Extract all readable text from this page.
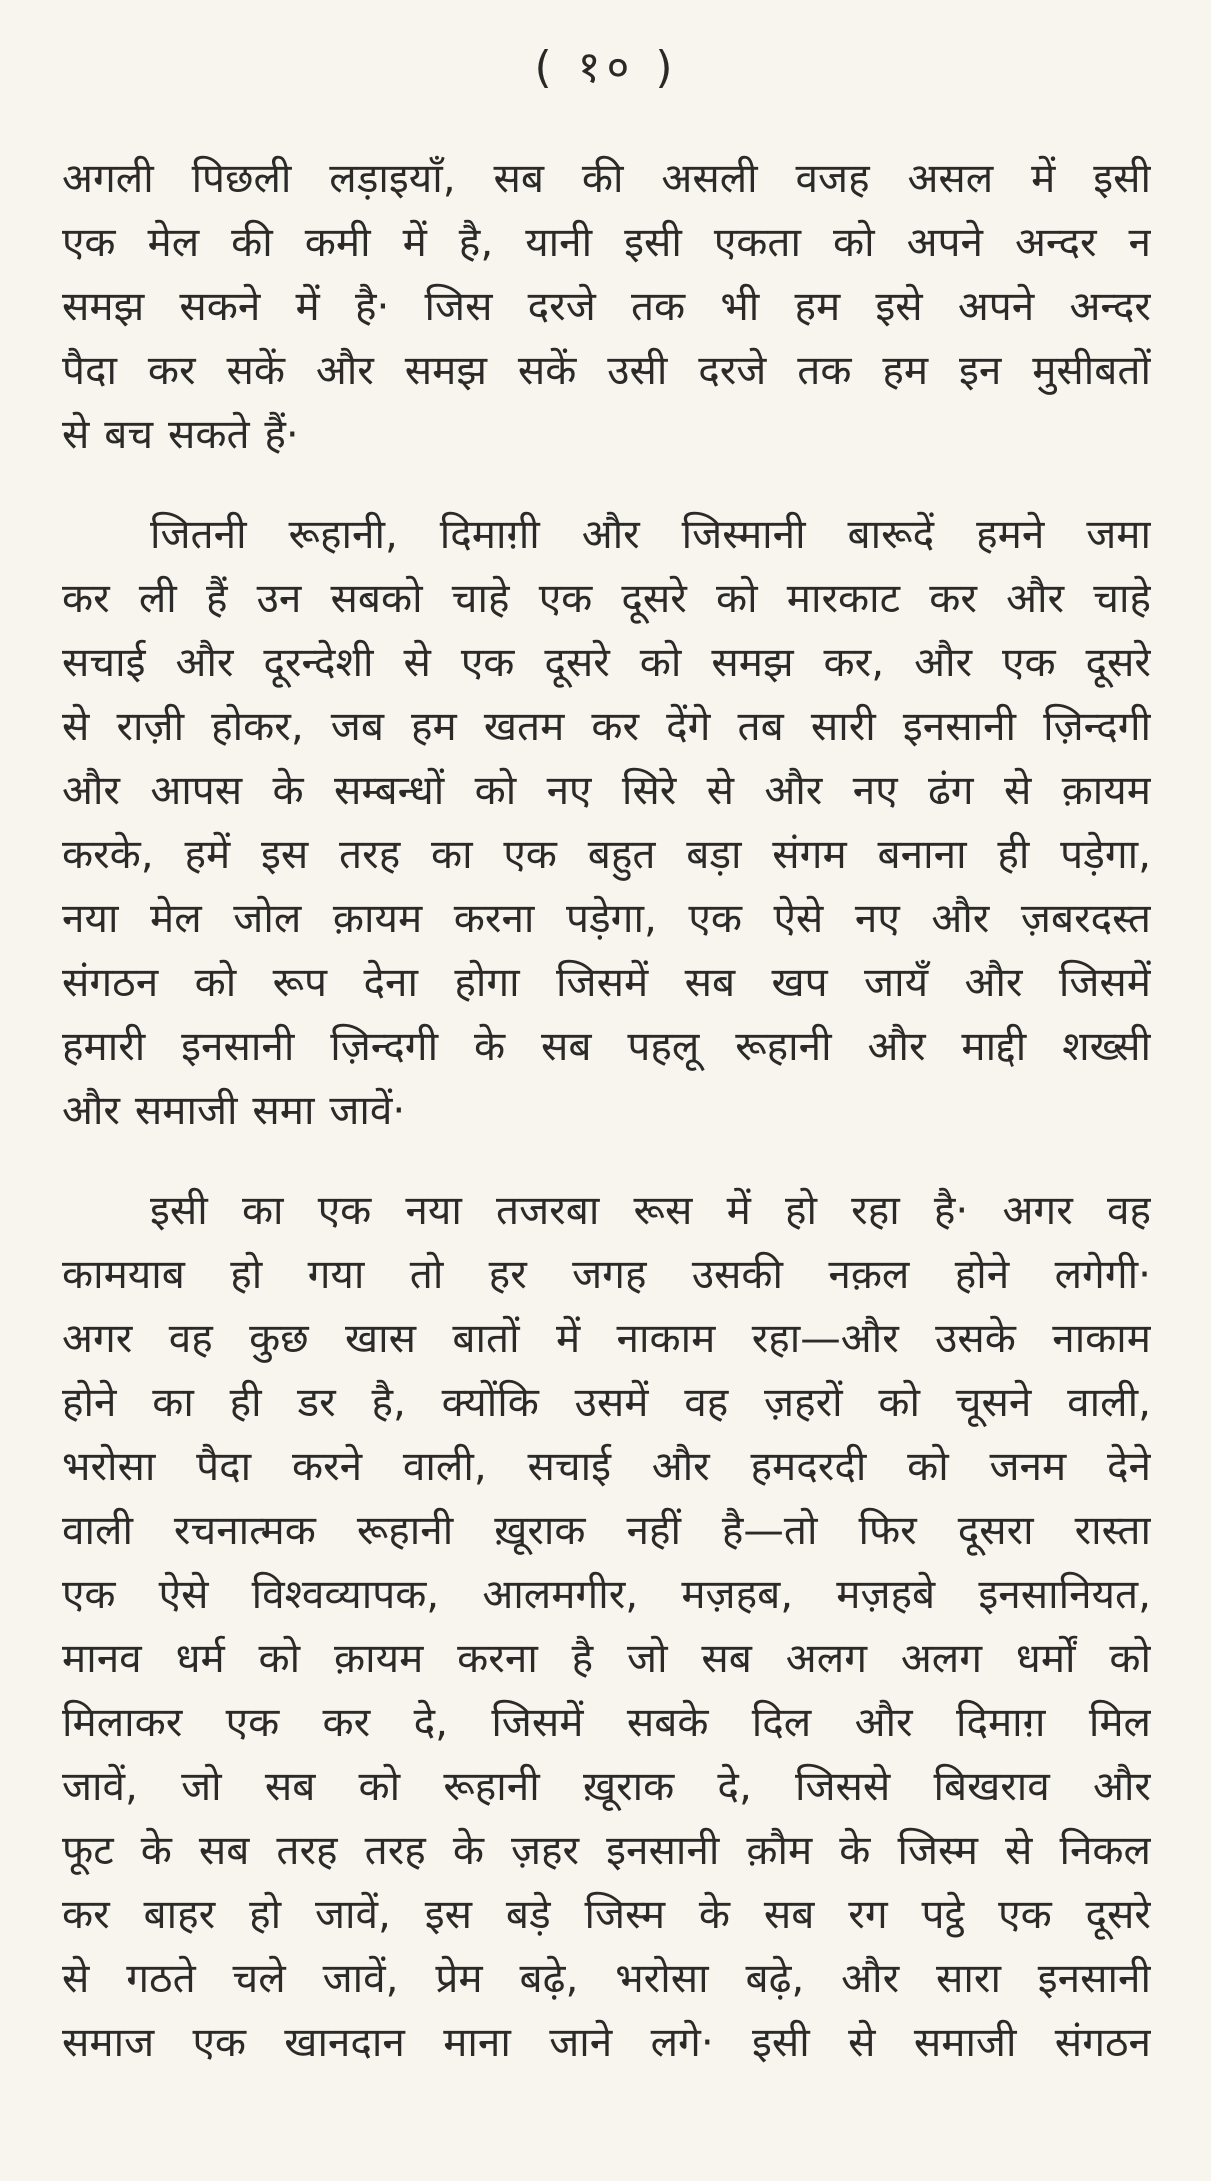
( १० )
अगली पिछली लड़ाइयाँ, सब की असली वजह असल में इसी
एक मेल की कमी में है, यानी इसी एकता को अपने अन्दर न
समझ सकने में है· जिस दरजे तक भी हम इसे अपने अन्दर
पैदा कर सकें और समझ सकें उसी दरजे तक हम इन मुसीबतों
से बच सकते हैं·
जितनी रूहानी, दिमाग़ी और जिस्मानी बारूदें हमने जमा
कर ली हैं उन सबको चाहे एक दूसरे को मारकाट कर और चाहे
सचाई और दूरन्देशी से एक दूसरे को समझ कर, और एक दूसरे
से राज़ी होकर, जब हम खतम कर देंगे तब सारी इनसानी ज़िन्दगी
और आपस के सम्बन्धों को नए सिरे से और नए ढंग से क़ायम
करके, हमें इस तरह का एक बहुत बड़ा संगम बनाना ही पड़ेगा,
नया मेल जोल क़ायम करना पड़ेगा, एक ऐसे नए और ज़बरदस्त
संगठन को रूप देना होगा जिसमें सब खप जायँ और जिसमें
हमारी इनसानी ज़िन्दगी के सब पहलू रूहानी और माद्दी शख्सी
और समाजी समा जावें·
इसी का एक नया तजरबा रूस में हो रहा है· अगर वह
कामयाब हो गया तो हर जगह उसकी नक़ल होने लगेगी·
अगर वह कुछ खास बातों में नाकाम रहा—और उसके नाकाम
होने का ही डर है, क्योंकि उसमें वह ज़हरों को चूसने वाली,
भरोसा पैदा करने वाली, सचाई और हमदरदी को जनम देने
वाली रचनात्मक रूहानी ख़ूराक नहीं है—तो फिर दूसरा रास्ता
एक ऐसे विश्वव्यापक, आलमगीर, मज़हब, मज़हबे इनसानियत,
मानव धर्म को क़ायम करना है जो सब अलग अलग धर्मों को
मिलाकर एक कर दे, जिसमें सबके दिल और दिमाग़ मिल
जावें, जो सब को रूहानी ख़ूराक दे, जिससे बिखराव और
फूट के सब तरह तरह के ज़हर इनसानी क़ौम के जिस्म से निकल
कर बाहर हो जावें, इस बड़े जिस्म के सब रग पट्ठे एक दूसरे
से गठते चले जावें, प्रेम बढ़े, भरोसा बढ़े, और सारा इनसानी
समाज एक खानदान माना जाने लगे· इसी से समाजी संगठन
